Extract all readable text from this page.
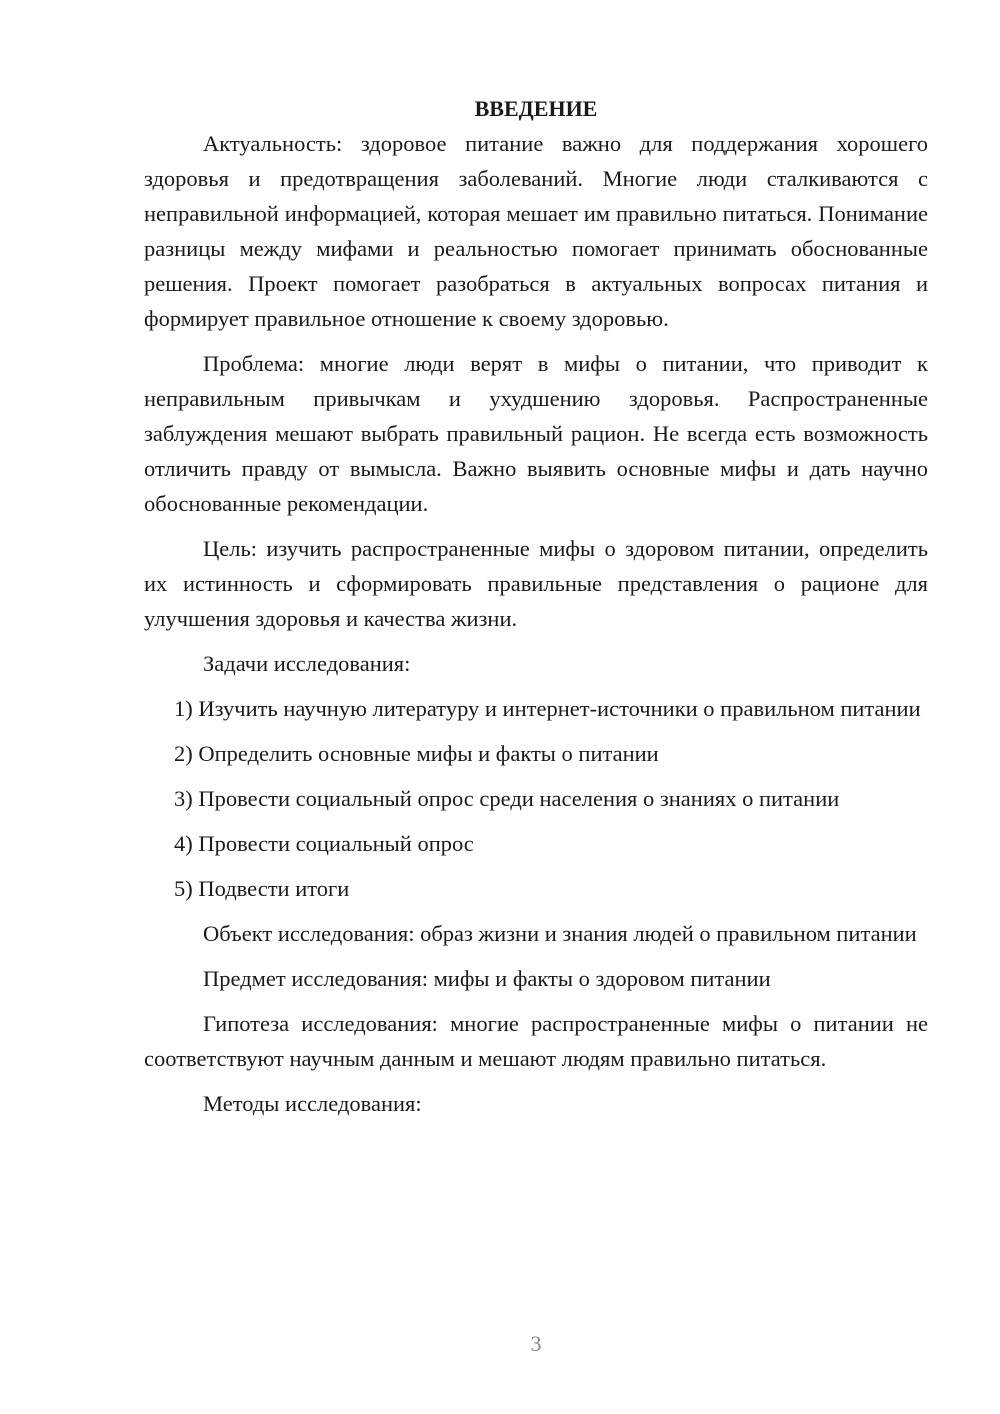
ВВЕДЕНИЕ

Актуальность: здоровое питание важно для поддержания хорошего здоровья и предотвращения заболеваний. Многие люди сталкиваются с неправильной информацией, которая мешает им правильно питаться. Понимание разницы между мифами и реальностью помогает принимать обоснованные решения. Проект помогает разобраться в актуальных вопросах питания и формирует правильное отношение к своему здоровью.

Проблема: многие люди верят в мифы о питании, что приводит к неправильным привычкам и ухудшению здоровья. Распространенные заблуждения мешают выбрать правильный рацион. Не всегда есть возможность отличить правду от вымысла. Важно выявить основные мифы и дать научно обоснованные рекомендации.

Цель: изучить распространенные мифы о здоровом питании, определить их истинность и сформировать правильные представления о рационе для улучшения здоровья и качества жизни.

Задачи исследования:

1) Изучить научную литературу и интернет-источники о правильном питании

2) Определить основные мифы и факты о питании

3) Провести социальный опрос среди населения о знаниях о питании

4) Провести социальный опрос

5) Подвести итоги

Объект исследования: образ жизни и знания людей о правильном питании

Предмет исследования: мифы и факты о здоровом питании

Гипотеза исследования: многие распространенные мифы о питании не соответствуют научным данным и мешают людям правильно питаться.

Методы исследования:

3
